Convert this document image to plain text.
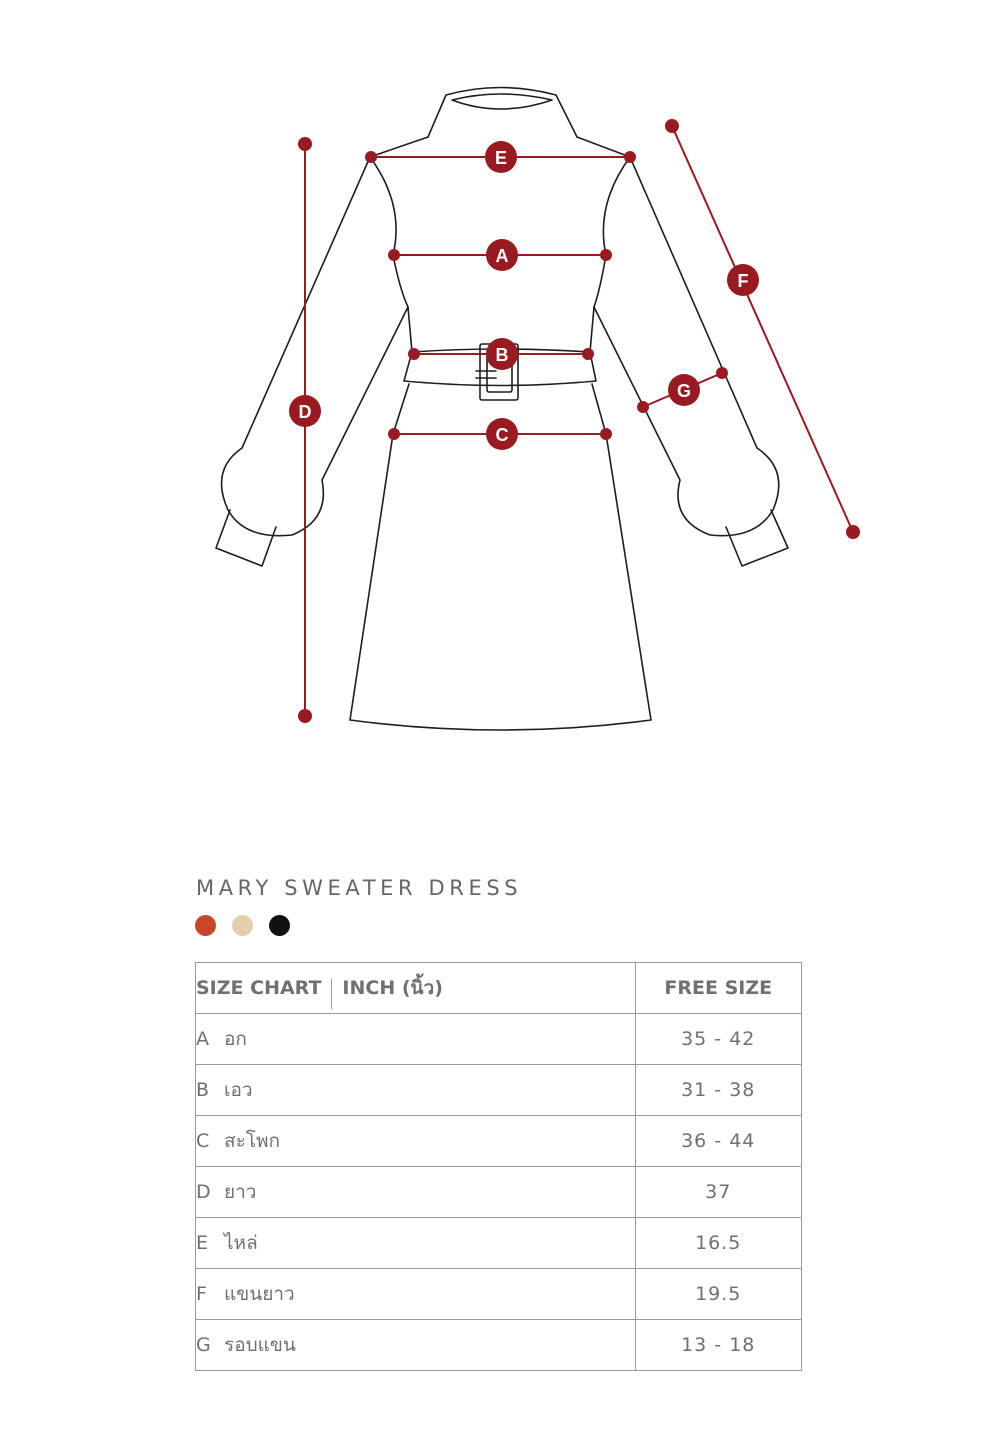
E
A
B
C
D
F
G
MARY SWEATER DRESS
SIZE CHART INCH (นิ้ว)	FREE SIZE
A อก	35 - 42
B เอว	31 - 38
C สะโพก	36 - 44
D ยาว	37
E ไหล่	16.5
F แขนยาว	19.5
G รอบแขน	13 - 18
